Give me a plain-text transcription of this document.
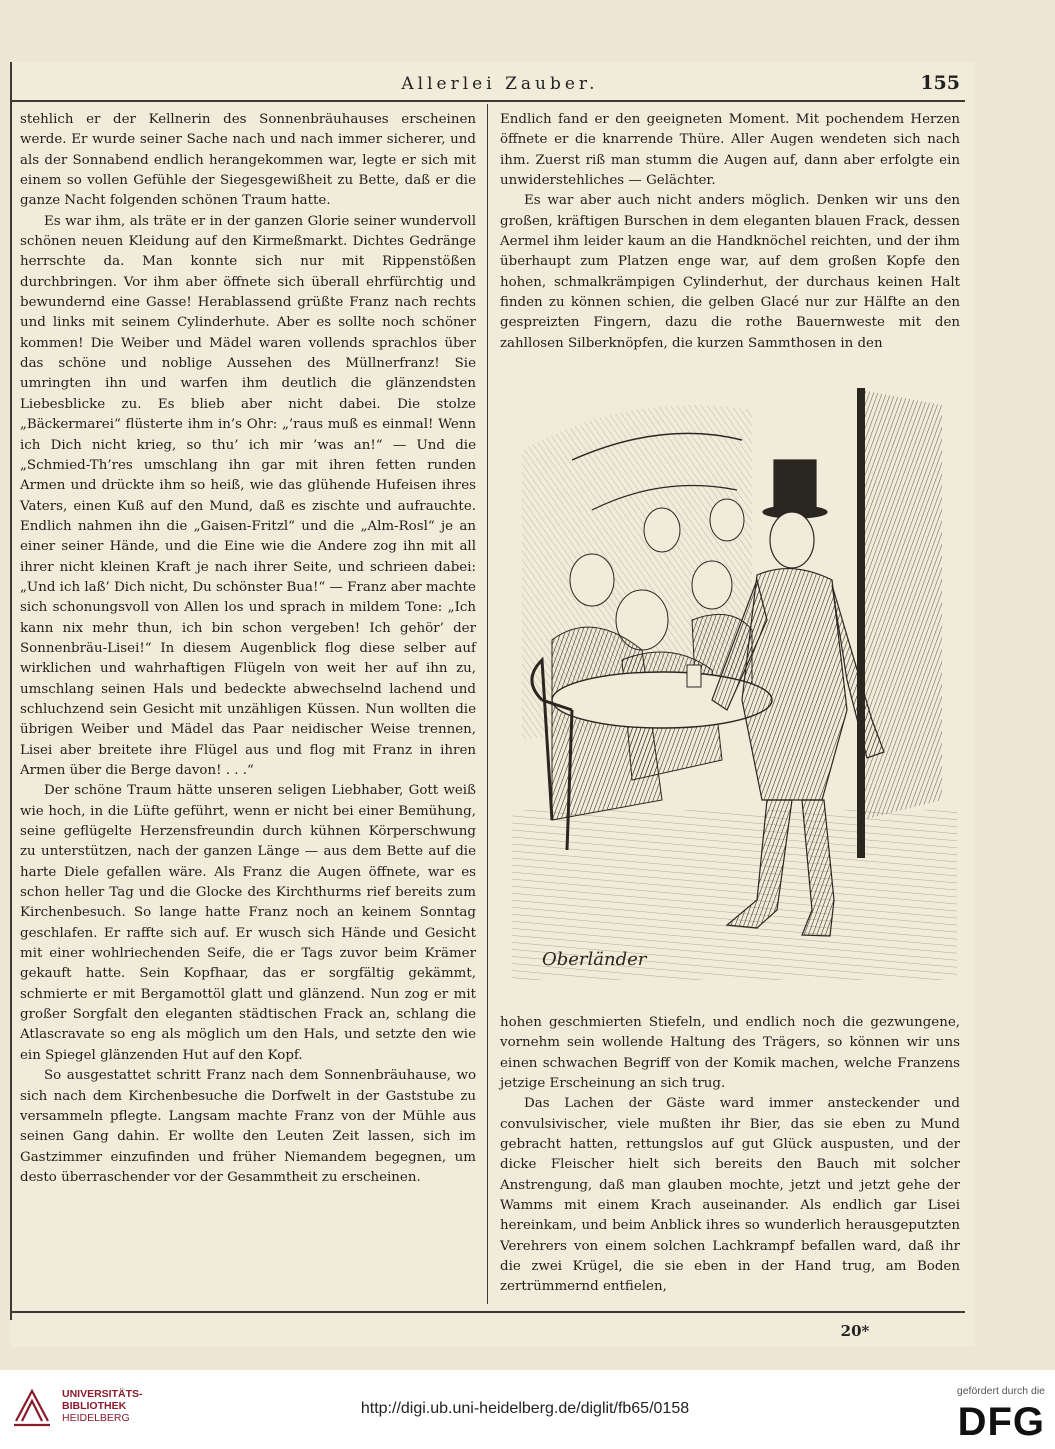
Allerlei Zauber.	155

stehlich er der Kellnerin des Sonnenbräuhauses erscheinen werde. Er wurde seiner Sache nach und nach immer sicherer, und als der Sonnabend endlich herangekommen war, legte er sich mit einem so vollen Gefühle der Siegesgewißheit zu Bette, daß er die ganze Nacht folgenden schönen Traum hatte.

Es war ihm, als träte er in der ganzen Glorie seiner wundervoll schönen neuen Kleidung auf den Kirmeßmarkt. Dichtes Gedränge herrschte da. Man konnte sich nur mit Rippenstößen durchbringen. Vor ihm aber öffnete sich überall ehrfürchtig und bewundernd eine Gasse! Herablassend grüßte Franz nach rechts und links mit seinem Cylinderhute. Aber es sollte noch schöner kommen! Die Weiber und Mädel waren vollends sprachlos über das schöne und noblige Aussehen des Müllnerfranz! Sie umringten ihn und warfen ihm deutlich die glänzendsten Liebesblicke zu. Es blieb aber nicht dabei. Die stolze „Bäckermarei“ flüsterte ihm in’s Ohr: „’raus muß es einmal! Wenn ich Dich nicht krieg, so thu’ ich mir ’was an!“ — Und die „Schmied-Th’res umschlang ihn gar mit ihren fetten runden Armen und drückte ihm so heiß, wie das glühende Hufeisen ihres Vaters, einen Kuß auf den Mund, daß es zischte und aufrauchte. Endlich nahmen ihn die „Gaisen-Fritzl“ und die „Alm-Rosl“ je an einer seiner Hände, und die Eine wie die Andere zog ihn mit all ihrer nicht kleinen Kraft je nach ihrer Seite, und schrieen dabei: „Und ich laß’ Dich nicht, Du schönster Bua!“ — Franz aber machte sich schonungsvoll von Allen los und sprach in mildem Tone: „Ich kann nix mehr thun, ich bin schon vergeben! Ich gehör’ der Sonnenbräu-Lisei!“ In diesem Augenblick flog diese selber auf wirklichen und wahrhaftigen Flügeln von weit her auf ihn zu, umschlang seinen Hals und bedeckte abwechselnd lachend und schluchzend sein Gesicht mit unzähligen Küssen. Nun wollten die übrigen Weiber und Mädel das Paar neidischer Weise trennen, Lisei aber breitete ihre Flügel aus und flog mit Franz in ihren Armen über die Berge davon! . . .“

Der schöne Traum hätte unseren seligen Liebhaber, Gott weiß wie hoch, in die Lüfte geführt, wenn er nicht bei einer Bemühung, seine geflügelte Herzensfreundin durch kühnen Körperschwung zu unterstützen, nach der ganzen Länge — aus dem Bette auf die harte Diele gefallen wäre. Als Franz die Augen öffnete, war es schon heller Tag und die Glocke des Kirchthurms rief bereits zum Kirchenbesuch. So lange hatte Franz noch an keinem Sonntag geschlafen. Er raffte sich auf. Er wusch sich Hände und Gesicht mit einer wohlriechenden Seife, die er Tags zuvor beim Krämer gekauft hatte. Sein Kopfhaar, das er sorgfältig gekämmt, schmierte er mit Bergamottöl glatt und glänzend. Nun zog er mit großer Sorgfalt den eleganten städtischen Frack an, schlang die Atlascravate so eng als möglich um den Hals, und setzte den wie ein Spiegel glänzenden Hut auf den Kopf.

So ausgestattet schritt Franz nach dem Sonnenbräuhause, wo sich nach dem Kirchenbesuche die Dorfwelt in der Gaststube zu versammeln pflegte. Langsam machte Franz von der Mühle aus seinen Gang dahin. Er wollte den Leuten Zeit lassen, sich im Gastzimmer einzufinden und früher Niemandem begegnen, um desto überraschender vor der Gesammtheit zu erscheinen.

Endlich fand er den geeigneten Moment. Mit pochendem Herzen öffnete er die knarrende Thüre. Aller Augen wendeten sich nach ihm. Zuerst riß man stumm die Augen auf, dann aber erfolgte ein unwiderstehliches — Gelächter.

Es war aber auch nicht anders möglich. Denken wir uns den großen, kräftigen Burschen in dem eleganten blauen Frack, dessen Aermel ihm leider kaum an die Handknöchel reichten, und der ihm überhaupt zum Platzen enge war, auf dem großen Kopfe den hohen, schmalkrämpigen Cylinderhut, der durchaus keinen Halt finden zu können schien, die gelben Glacé nur zur Hälfte an den gespreizten Fingern, dazu die rothe Bauernweste mit den zahllosen Silberknöpfen, die kurzen Sammthosen in den

Oberländer

hohen geschmierten Stiefeln, und endlich noch die gezwungene, vornehm sein wollende Haltung des Trägers, so können wir uns einen schwachen Begriff von der Komik machen, welche Franzens jetzige Erscheinung an sich trug.

Das Lachen der Gäste ward immer ansteckender und convulsivischer, viele mußten ihr Bier, das sie eben zu Mund gebracht hatten, rettungslos auf gut Glück auspusten, und der dicke Fleischer hielt sich bereits den Bauch mit solcher Anstrengung, daß man glauben mochte, jetzt und jetzt gehe der Wamms mit einem Krach auseinander. Als endlich gar Lisei hereinkam, und beim Anblick ihres so wunderlich herausgeputzten Verehrers von einem solchen Lachkrampf befallen ward, daß ihr die zwei Krügel, die sie eben in der Hand trug, am Boden zertrümmernd entfielen,

20*
UNIVERSITÄTS-
BIBLIOTHEK
HEIDELBERG
http://digi.ub.uni-heidelberg.de/diglit/fb65/0158
gefördert durch die
DFG
